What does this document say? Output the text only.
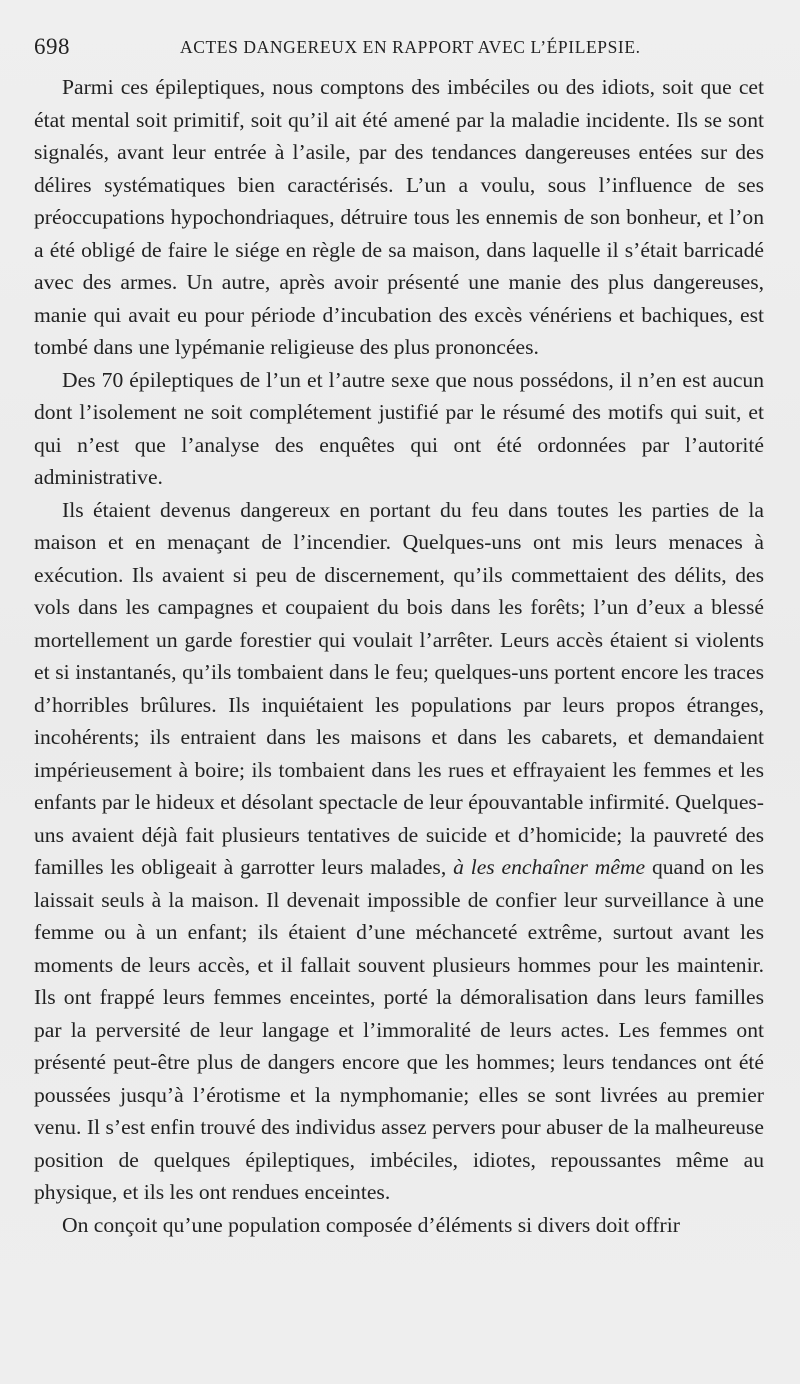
698	ACTES DANGEREUX EN RAPPORT AVEC L’ÉPILEPSIE.

Parmi ces épileptiques, nous comptons des imbéciles ou des idiots, soit que cet état mental soit primitif, soit qu’il ait été amené par la maladie incidente. Ils se sont signalés, avant leur entrée à l’asile, par des tendances dangereuses entées sur des délires systématiques bien caractérisés. L’un a voulu, sous l’influence de ses préoccupations hypochondriaques, détruire tous les ennemis de son bonheur, et l’on a été obligé de faire le siége en règle de sa maison, dans laquelle il s’était barricadé avec des armes. Un autre, après avoir présenté une manie des plus dangereuses, manie qui avait eu pour période d’incubation des excès vénériens et bachiques, est tombé dans une lypémanie religieuse des plus prononcées.

Des 70 épileptiques de l’un et l’autre sexe que nous possédons, il n’en est aucun dont l’isolement ne soit complétement justifié par le résumé des motifs qui suit, et qui n’est que l’analyse des enquêtes qui ont été ordonnées par l’autorité administrative.

Ils étaient devenus dangereux en portant du feu dans toutes les parties de la maison et en menaçant de l’incendier. Quelques-uns ont mis leurs menaces à exécution. Ils avaient si peu de discernement, qu’ils commettaient des délits, des vols dans les campagnes et coupaient du bois dans les forêts; l’un d’eux a blessé mortellement un garde forestier qui voulait l’arrêter. Leurs accès étaient si violents et si instantanés, qu’ils tombaient dans le feu; quelques-uns portent encore les traces d’horribles brûlures. Ils inquiétaient les populations par leurs propos étranges, incohérents; ils entraient dans les maisons et dans les cabarets, et demandaient impérieusement à boire; ils tombaient dans les rues et effrayaient les femmes et les enfants par le hideux et désolant spectacle de leur épouvantable infirmité. Quelques-uns avaient déjà fait plusieurs tentatives de suicide et d’homicide; la pauvreté des familles les obligeait à garrotter leurs malades, à les enchaîner même quand on les laissait seuls à la maison. Il devenait impossible de confier leur surveillance à une femme ou à un enfant; ils étaient d’une méchanceté extrême, surtout avant les moments de leurs accès, et il fallait souvent plusieurs hommes pour les maintenir. Ils ont frappé leurs femmes enceintes, porté la démoralisation dans leurs familles par la perversité de leur langage et l’immoralité de leurs actes. Les femmes ont présenté peut-être plus de dangers encore que les hommes; leurs tendances ont été poussées jusqu’à l’érotisme et la nymphomanie; elles se sont livrées au premier venu. Il s’est enfin trouvé des individus assez pervers pour abuser de la malheureuse position de quelques épileptiques, imbéciles, idiotes, repoussantes même au physique, et ils les ont rendues enceintes.

On conçoit qu’une population composée d’éléments si divers doit offrir
